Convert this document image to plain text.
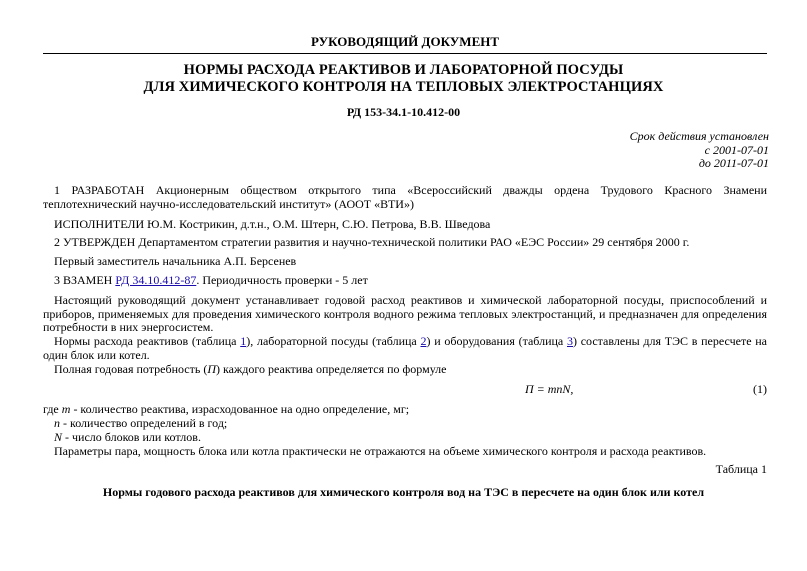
РУКОВОДЯЩИЙ ДОКУМЕНТ
НОРМЫ РАСХОДА РЕАКТИВОВ И ЛАБОРАТОРНОЙ ПОСУДЫ
ДЛЯ ХИМИЧЕСКОГО КОНТРОЛЯ НА ТЕПЛОВЫХ ЭЛЕКТРОСТАНЦИЯХ
РД 153-34.1-10.412-00
Срок действия установлен
с 2001-07-01
до 2011-07-01
1 РАЗРАБОТАН Акционерным обществом открытого типа «Всероссийский дважды ордена Трудового Красного Знамени теплотехнический научно-исследовательский институт» (АООТ «ВТИ»)
ИСПОЛНИТЕЛИ Ю.М. Кострикин, д.т.н., О.М. Штерн, С.Ю. Петрова, В.В. Шведова
2 УТВЕРЖДЕН Департаментом стратегии развития и научно-технической политики РАО «ЕЭС России» 29 сентября 2000 г.
Первый заместитель начальника А.П. Берсенев
3 ВЗАМЕН РД 34.10.412-87. Периодичность проверки - 5 лет
Настоящий руководящий документ устанавливает годовой расход реактивов и химической лабораторной посуды, приспособлений и приборов, применяемых для проведения химического контроля водного режима тепловых электростанций, и предназначен для определения потребности в них энергосистем.
Нормы расхода реактивов (таблица 1), лабораторной посуды (таблица 2) и оборудования (таблица 3) составлены для ТЭС в пересчете на один блок или котел.
Полная годовая потребность (П) каждого реактива определяется по формуле
П = mnN,	(1)
где m - количество реактива, израсходованное на одно определение, мг;
n - количество определений в год;
N - число блоков или котлов.
Параметры пара, мощность блока или котла практически не отражаются на объеме химического контроля и расхода реактивов.
Таблица 1
Нормы годового расхода реактивов для химического контроля вод на ТЭС в пересчете на один блок или котел
